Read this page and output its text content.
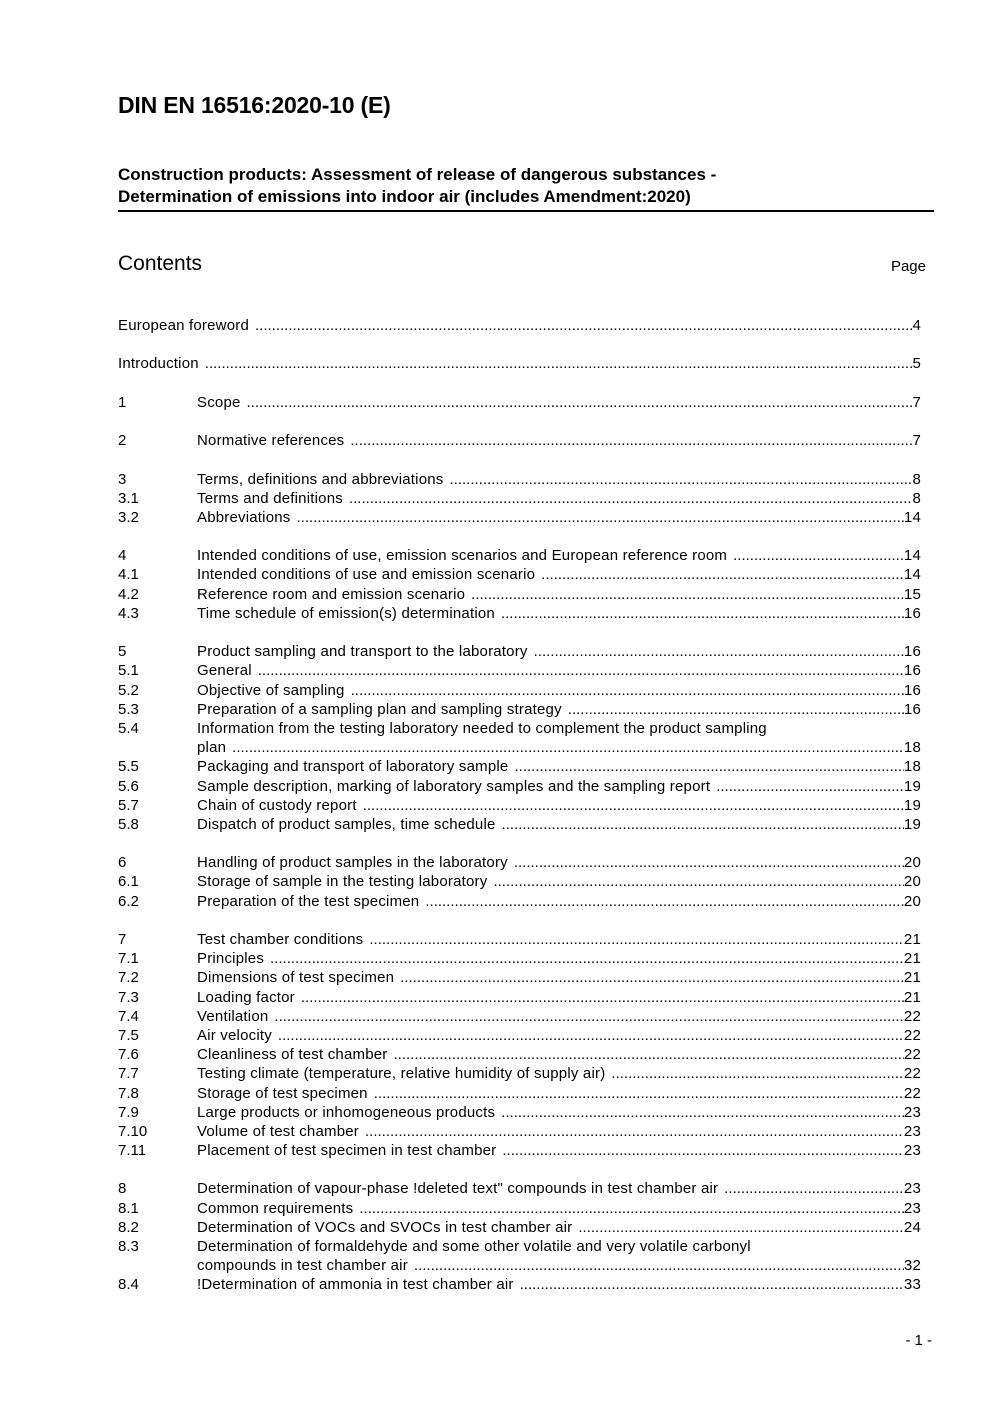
DIN EN 16516:2020-10 (E)
Construction products: Assessment of release of dangerous substances -
Determination of emissions into indoor air (includes Amendment:2020)
Contents	Page
European foreword .....	4
Introduction .....	5
1	Scope .....	7
2	Normative references .....	7
3	Terms, definitions and abbreviations .....	8
3.1	Terms and definitions .....	8
3.2	Abbreviations .....	14
4	Intended conditions of use, emission scenarios and European reference room .....	14
4.1	Intended conditions of use and emission scenario .....	14
4.2	Reference room and emission scenario .....	15
4.3	Time schedule of emission(s) determination .....	16
5	Product sampling and transport to the laboratory .....	16
5.1	General .....	16
5.2	Objective of sampling .....	16
5.3	Preparation of a sampling plan and sampling strategy .....	16
5.4	Information from the testing laboratory needed to complement the product sampling
plan .....	18
5.5	Packaging and transport of laboratory sample .....	18
5.6	Sample description, marking of laboratory samples and the sampling report .....	19
5.7	Chain of custody report .....	19
5.8	Dispatch of product samples, time schedule .....	19
6	Handling of product samples in the laboratory .....	20
6.1	Storage of sample in the testing laboratory .....	20
6.2	Preparation of the test specimen .....	20
7	Test chamber conditions .....	21
7.1	Principles .....	21
7.2	Dimensions of test specimen .....	21
7.3	Loading factor .....	21
7.4	Ventilation .....	22
7.5	Air velocity .....	22
7.6	Cleanliness of test chamber .....	22
7.7	Testing climate (temperature, relative humidity of supply air) .....	22
7.8	Storage of test specimen .....	22
7.9	Large products or inhomogeneous products .....	23
7.10	Volume of test chamber .....	23
7.11	Placement of test specimen in test chamber .....	23
8	Determination of vapour-phase !deleted text" compounds in test chamber air .....	23
8.1	Common requirements .....	23
8.2	Determination of VOCs and SVOCs in test chamber air .....	24
8.3	Determination of formaldehyde and some other volatile and very volatile carbonyl
compounds in test chamber air .....	32
8.4	!Determination of ammonia in test chamber air .....	33
- 1 -
